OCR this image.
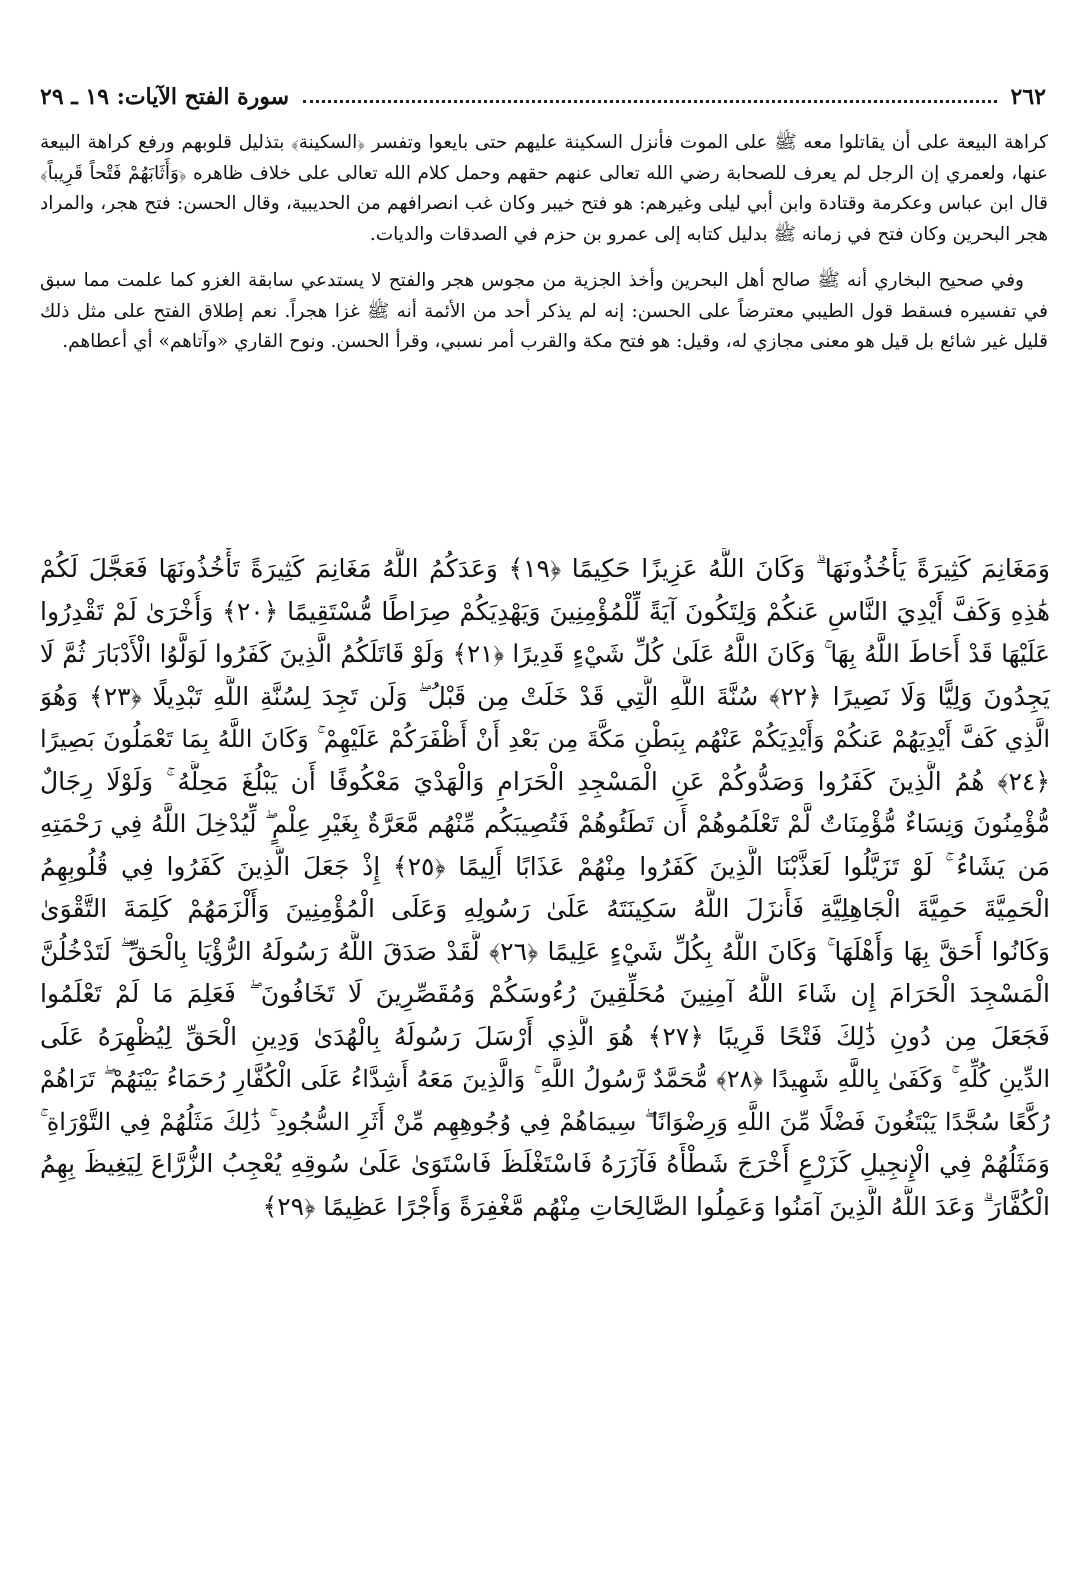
٢٦٢
سورة الفتح الآيات: ١٩ ـ ٢٩

كراهة البيعة على أن يقاتلوا معه ﷺ على الموت فأنزل السكينة عليهم حتى بايعوا وتفسر ﴿السكينة﴾ بتذليل قلوبهم ورفع كراهة البيعة عنها، ولعمري إن الرجل لم يعرف للصحابة رضي الله تعالى عنهم حقهم وحمل كلام الله تعالى على خلاف ظاهره ﴿وَأَثَابَهُمْ فَتْحاً قَرِيباً﴾ قال ابن عباس وعكرمة وقتادة وابن أبي ليلى وغيرهم: هو فتح خيبر وكان غب انصرافهم من الحديبية، وقال الحسن: فتح هجر، والمراد هجر البحرين وكان فتح في زمانه ﷺ بدليل كتابه إلى عمرو بن حزم في الصدقات والديات.

وفي صحيح البخاري أنه ﷺ صالح أهل البحرين وأخذ الجزية من مجوس هجر والفتح لا يستدعي سابقة الغزو كما علمت مما سبق في تفسيره فسقط قول الطيبي معترضاً على الحسن: إنه لم يذكر أحد من الأئمة أنه ﷺ غزا هجراً. نعم إطلاق الفتح على مثل ذلك قليل غير شائع بل قيل هو معنى مجازي له، وقيل: هو فتح مكة والقرب أمر نسبي، وقرأ الحسن. ونوح القاري «وآتاهم» أي أعطاهم.

وَمَغَانِمَ كَثِيرَةً يَأْخُذُونَهَا ۗ وَكَانَ اللَّهُ عَزِيزًا حَكِيمًا ﴿١٩﴾ وَعَدَكُمُ اللَّهُ مَغَانِمَ كَثِيرَةً تَأْخُذُونَهَا فَعَجَّلَ لَكُمْ

هَٰذِهِ وَكَفَّ أَيْدِيَ النَّاسِ عَنكُمْ وَلِتَكُونَ آيَةً لِّلْمُؤْمِنِينَ وَيَهْدِيَكُمْ صِرَاطًا مُّسْتَقِيمًا ﴿٢٠﴾ وَأُخْرَىٰ لَمْ تَقْدِرُوا

عَلَيْهَا قَدْ أَحَاطَ اللَّهُ بِهَا ۚ وَكَانَ اللَّهُ عَلَىٰ كُلِّ شَيْءٍ قَدِيرًا ﴿٢١﴾ وَلَوْ قَاتَلَكُمُ الَّذِينَ كَفَرُوا لَوَلَّوُا الْأَدْبَارَ ثُمَّ لَا

يَجِدُونَ وَلِيًّا وَلَا نَصِيرًا ﴿٢٢﴾ سُنَّةَ اللَّهِ الَّتِي قَدْ خَلَتْ مِن قَبْلُ ۖ وَلَن تَجِدَ لِسُنَّةِ اللَّهِ تَبْدِيلًا ﴿٢٣﴾ وَهُوَ

الَّذِي كَفَّ أَيْدِيَهُمْ عَنكُمْ وَأَيْدِيَكُمْ عَنْهُم بِبَطْنِ مَكَّةَ مِن بَعْدِ أَنْ أَظْفَرَكُمْ عَلَيْهِمْ ۚ وَكَانَ اللَّهُ بِمَا تَعْمَلُونَ بَصِيرًا

﴿٢٤﴾ هُمُ الَّذِينَ كَفَرُوا وَصَدُّوكُمْ عَنِ الْمَسْجِدِ الْحَرَامِ وَالْهَدْيَ مَعْكُوفًا أَن يَبْلُغَ مَحِلَّهُ ۚ وَلَوْلَا رِجَالٌ

مُّؤْمِنُونَ وَنِسَاءٌ مُّؤْمِنَاتٌ لَّمْ تَعْلَمُوهُمْ أَن تَطَئُوهُمْ فَتُصِيبَكُم مِّنْهُم مَّعَرَّةٌ بِغَيْرِ عِلْمٍ ۖ لِّيُدْخِلَ اللَّهُ فِي رَحْمَتِهِ

مَن يَشَاءُ ۚ لَوْ تَزَيَّلُوا لَعَذَّبْنَا الَّذِينَ كَفَرُوا مِنْهُمْ عَذَابًا أَلِيمًا ﴿٢٥﴾ إِذْ جَعَلَ الَّذِينَ كَفَرُوا فِي قُلُوبِهِمُ

الْحَمِيَّةَ حَمِيَّةَ الْجَاهِلِيَّةِ فَأَنزَلَ اللَّهُ سَكِينَتَهُ عَلَىٰ رَسُولِهِ وَعَلَى الْمُؤْمِنِينَ وَأَلْزَمَهُمْ كَلِمَةَ التَّقْوَىٰ

وَكَانُوا أَحَقَّ بِهَا وَأَهْلَهَا ۚ وَكَانَ اللَّهُ بِكُلِّ شَيْءٍ عَلِيمًا ﴿٢٦﴾ لَّقَدْ صَدَقَ اللَّهُ رَسُولَهُ الرُّؤْيَا بِالْحَقِّ ۖ لَتَدْخُلُنَّ

الْمَسْجِدَ الْحَرَامَ إِن شَاءَ اللَّهُ آمِنِينَ مُحَلِّقِينَ رُءُوسَكُمْ وَمُقَصِّرِينَ لَا تَخَافُونَ ۖ فَعَلِمَ مَا لَمْ تَعْلَمُوا

فَجَعَلَ مِن دُونِ ذَٰلِكَ فَتْحًا قَرِيبًا ﴿٢٧﴾ هُوَ الَّذِي أَرْسَلَ رَسُولَهُ بِالْهُدَىٰ وَدِينِ الْحَقِّ لِيُظْهِرَهُ عَلَى

الدِّينِ كُلِّهِ ۚ وَكَفَىٰ بِاللَّهِ شَهِيدًا ﴿٢٨﴾ مُّحَمَّدٌ رَّسُولُ اللَّهِ ۚ وَالَّذِينَ مَعَهُ أَشِدَّاءُ عَلَى الْكُفَّارِ رُحَمَاءُ بَيْنَهُمْ ۖ تَرَاهُمْ

رُكَّعًا سُجَّدًا يَبْتَغُونَ فَضْلًا مِّنَ اللَّهِ وَرِضْوَانًا ۖ سِيمَاهُمْ فِي وُجُوهِهِم مِّنْ أَثَرِ السُّجُودِ ۚ ذَٰلِكَ مَثَلُهُمْ فِي التَّوْرَاةِ ۚ

وَمَثَلُهُمْ فِي الْإِنجِيلِ كَزَرْعٍ أَخْرَجَ شَطْأَهُ فَآزَرَهُ فَاسْتَغْلَظَ فَاسْتَوَىٰ عَلَىٰ سُوقِهِ يُعْجِبُ الزُّرَّاعَ لِيَغِيظَ بِهِمُ

الْكُفَّارَ ۗ وَعَدَ اللَّهُ الَّذِينَ آمَنُوا وَعَمِلُوا الصَّالِحَاتِ مِنْهُم مَّغْفِرَةً وَأَجْرًا عَظِيمًا ﴿٢٩﴾
